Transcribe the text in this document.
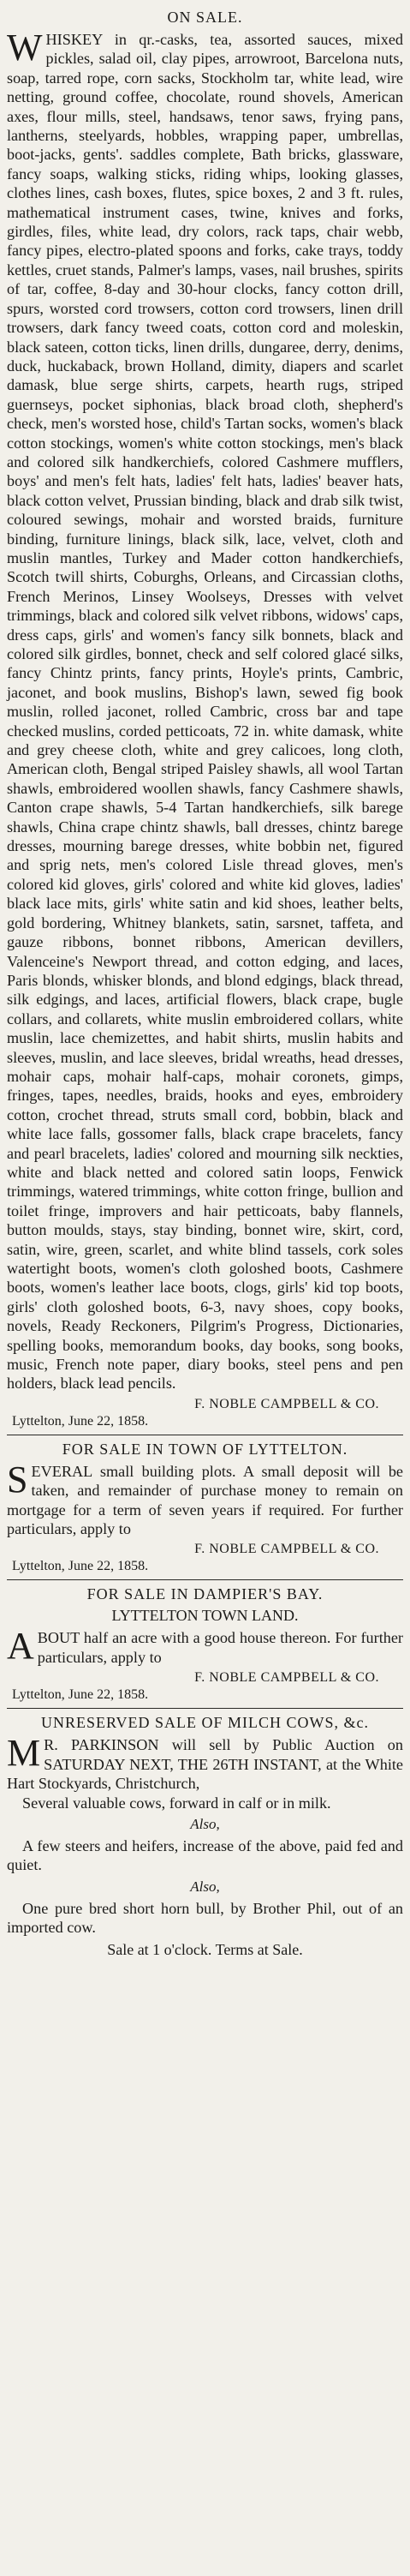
ON SALE.

WHISKEY in qr.-casks, tea, assorted sauces, mixed pickles, salad oil, clay pipes, arrowroot, Barcelona nuts, soap, tarred rope, corn sacks, Stockholm tar, white lead, wire netting, ground coffee, chocolate, round shovels, American axes, flour mills, steel, handsaws, tenor saws, frying pans, lantherns, steelyards, hobbles, wrapping paper, umbrellas, boot-jacks, gents'. saddles complete, Bath bricks, glassware, fancy soaps, walking sticks, riding whips, looking glasses, clothes lines, cash boxes, flutes, spice boxes, 2 and 3 ft. rules, mathematical instrument cases, twine, knives and forks, girdles, files, white lead, dry colors, rack taps, chair webb, fancy pipes, electro-plated spoons and forks, cake trays, toddy kettles, cruet stands, Palmer's lamps, vases, nail brushes, spirits of tar, coffee, 8-day and 30-hour clocks, fancy cotton drill, spurs, worsted cord trowsers, cotton cord trowsers, linen drill trowsers, dark fancy tweed coats, cotton cord and moleskin, black sateen, cotton ticks, linen drills, dungaree, derry, denims, duck, huckaback, brown Holland, dimity, diapers and scarlet damask, blue serge shirts, carpets, hearth rugs, striped guernseys, pocket siphonias, black broad cloth, shepherd's check, men's worsted hose, child's Tartan socks, women's black cotton stockings, women's white cotton stockings, men's black and colored silk handkerchiefs, colored Cashmere mufflers, boys' and men's felt hats, ladies' felt hats, ladies' beaver hats, black cotton velvet, Prussian binding, black and drab silk twist, coloured sewings, mohair and worsted braids, furniture binding, furniture linings, black silk, lace, velvet, cloth and muslin mantles, Turkey and Mader cotton handkerchiefs, Scotch twill shirts, Coburghs, Orleans, and Circassian cloths, French Merinos, Linsey Woolseys, Dresses with velvet trimmings, black and colored silk velvet ribbons, widows' caps, dress caps, girls' and women's fancy silk bonnets, black and colored silk girdles, bonnet, check and self colored glacé silks, fancy Chintz prints, fancy prints, Hoyle's prints, Cambric, jaconet, and book muslins, Bishop's lawn, sewed fig book muslin, rolled jaconet, rolled Cambric, cross bar and tape checked muslins, corded petticoats, 72 in. white damask, white and grey cheese cloth, white and grey calicoes, long cloth, American cloth, Bengal striped Paisley shawls, all wool Tartan shawls, embroidered woollen shawls, fancy Cashmere shawls, Canton crape shawls, 5-4 Tartan handkerchiefs, silk barege shawls, China crape chintz shawls, ball dresses, chintz barege dresses, mourning barege dresses, white bobbin net, figured and sprig nets, men's colored Lisle thread gloves, men's colored kid gloves, girls' colored and white kid gloves, ladies' black lace mits, girls' white satin and kid shoes, leather belts, gold bordering, Whitney blankets, satin, sarsnet, taffeta, and gauze ribbons, bonnet ribbons, American devillers, Valenceine's Newport thread, and cotton edging, and laces, Paris blonds, whisker blonds, and blond edgings, black thread, silk edgings, and laces, artificial flowers, black crape, bugle collars, and collarets, white muslin embroidered collars, white muslin, lace chemizettes, and habit shirts, muslin habits and sleeves, muslin, and lace sleeves, bridal wreaths, head dresses, mohair caps, mohair half-caps, mohair coronets, gimps, fringes, tapes, needles, braids, hooks and eyes, embroidery cotton, crochet thread, struts small cord, bobbin, black and white lace falls, gossomer falls, black crape bracelets, fancy and pearl bracelets, ladies' colored and mourning silk neckties, white and black netted and colored satin loops, Fenwick trimmings, watered trimmings, white cotton fringe, bullion and toilet fringe, improvers and hair petticoats, baby flannels, button moulds, stays, stay binding, bonnet wire, skirt, cord, satin, wire, green, scarlet, and white blind tassels, cork soles watertight boots, women's cloth goloshed boots, Cashmere boots, women's leather lace boots, clogs, girls' kid top boots, girls' cloth goloshed boots, 6-3, navy shoes, copy books, novels, Ready Reckoners, Pilgrim's Progress, Dictionaries, spelling books, memorandum books, day books, song books, music, French note paper, diary books, steel pens and pen holders, black lead pencils.

F. NOBLE CAMPBELL & CO.
Lyttelton, June 22, 1858.
FOR SALE IN TOWN OF LYTTELTON.

SEVERAL small building plots. A small deposit will be taken, and remainder of purchase money to remain on mortgage for a term of seven years if required. For further particulars, apply to

F. NOBLE CAMPBELL & CO.
Lyttelton, June 22, 1858.
FOR SALE IN DAMPIER'S BAY.
LYTTELTON TOWN LAND.

ABOUT half an acre with a good house thereon. For further particulars, apply to

F. NOBLE CAMPBELL & CO.
Lyttelton, June 22, 1858.
UNRESERVED SALE OF MILCH COWS, &c.

M R. PARKINSON will sell by Public Auction on SATURDAY NEXT, THE 26TH INSTANT, at the White Hart Stockyards, Christchurch,

Several valuable cows, forward in calf or in milk.

Also,

A few steers and heifers, increase of the above, paid fed and quiet.

Also,

One pure bred short horn bull, by Brother Phil, out of an imported cow.

Sale at 1 o'clock. Terms at Sale.
